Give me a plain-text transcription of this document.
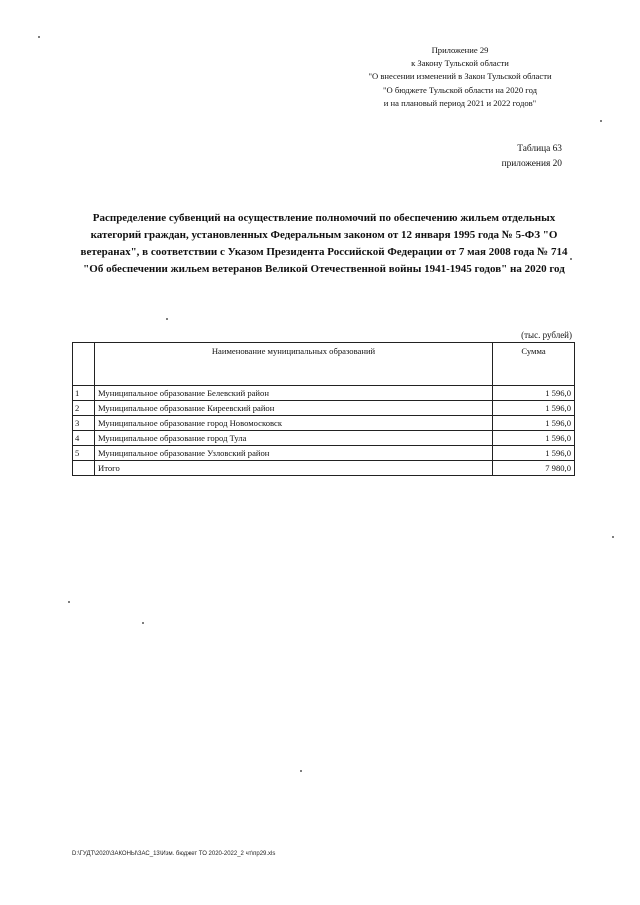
Приложение 29
к Закону Тульской области
"О внесении изменений в Закон Тульской области
"О бюджете Тульской области на 2020 год
и на плановый период 2021 и 2022 годов"
Таблица 63
приложения 20
Распределение субвенций на осуществление полномочий по обеспечению жильем отдельных категорий граждан, установленных Федеральным законом от 12 января 1995 года № 5-ФЗ "О ветеранах", в соответствии с Указом Президента Российской Федерации от 7 мая 2008 года № 714 "Об обеспечении жильем ветеранов Великой Отечественной войны 1941-1945 годов" на 2020 год
(тыс. рублей)
	Наименование муниципальных образований	Сумма
1	Муниципальное образование Белевский район	1 596,0
2	Муниципальное образование Киреевский район	1 596,0
3	Муниципальное образование город Новомосковск	1 596,0
4	Муниципальное образование город Тула	1 596,0
5	Муниципальное образование Узловский район	1 596,0
	Итого	7 980,0
D:\ГУДТ\2020\ЗАКОНЫ\ЗАС_13\Изм. бюджет ТО 2020-2022_2 чт\пр29.xls
